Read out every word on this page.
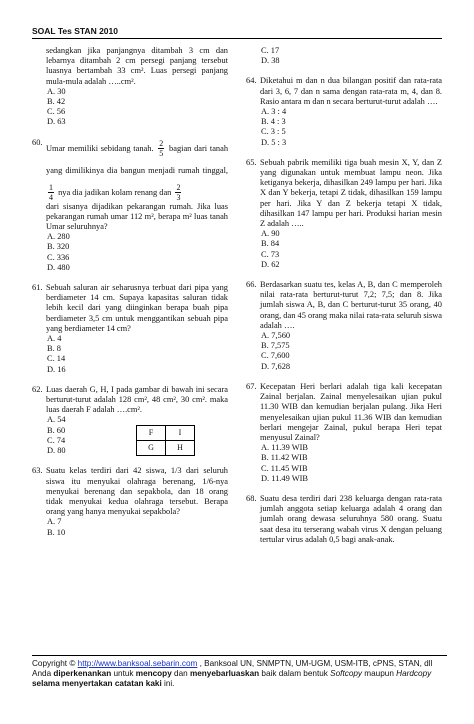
SOAL Tes STAN 2010
sedangkan jika panjangnya ditambah 3 cm dan lebarnya ditambah 2 cm persegi panjang tersebut luasnya bertambah 33 cm². Luas persegi panjang mula-mula adalah …..cm².
A. 30
B. 42
C. 56
D. 63
60.
Umar memiliki sebidang tanah. $\frac{2}{5}$ bagian dari tanah yang dimilikinya dia bangun menjadi rumah tinggal,
$\frac{1}{4}$ nya dia jadikan kolam renang dan $\frac{2}{3}$
dari sisanya dijadikan pekarangan rumah. Jika luas pekarangan rumah umar 112 m², berapa m² luas tanah Umar seluruhnya?
A. 280
B. 320
C. 336
D. 480
61. Sebuah saluran air seharusnya terbuat dari pipa yang berdiameter 14 cm. Supaya kapasitas saluran tidak lebih kecil dari yang diinginkan berapa buah pipa berdiameter 3,5 cm untuk menggantikan sebuah pipa yang berdiameter 14 cm?
A. 4
B. 8
C. 14
D. 16
62. Luas daerah G, H, I pada gambar di bawah ini secara berturut-turut adalah 128 cm², 48 cm², 30 cm². maka luas daerah F adalah ….cm².
A. 54
B. 60
C. 74
D. 80
F	I
G	H
63. Suatu kelas terdiri dari 42 siswa, 1/3 dari seluruh siswa itu menyukai olahraga berenang, 1/6-nya menyukai berenang dan sepakbola, dan 18 orang tidak menyukai kedua olahraga tersebut. Berapa orang yang hanya menyukai sepakbola?
A. 7
B. 10
C. 17
D. 38
64. Diketahui m dan n dua bilangan positif dan rata-rata dari 3, 6, 7 dan n sama dengan rata-rata m, 4, dan 8. Rasio antara m dan n secara berturut-turut adalah ….
A. 3 : 4
B. 4 : 3
C. 3 : 5
D. 5 : 3
65. Sebuah pabrik memiliki tiga buah mesin X, Y, dan Z yang digunakan untuk membuat lampu neon. Jika ketiganya bekerja, dihasilkan 249 lampu per hari. Jika X dan Y bekerja, tetapi Z tidak, dihasilkan 159 lampu per hari. Jika Y dan Z bekerja tetapi X tidak, dihasilkan 147 lampu per hari. Produksi harian mesin Z adalah …..
A. 90
B. 84
C. 73
D. 62
66. Berdasarkan suatu tes, kelas A, B, dan C memperoleh nilai rata-rata berturut-turut 7,2; 7,5; dan 8. Jika jumlah siswa A, B, dan C berturut-turut 35 orang, 40 orang, dan 45 orang maka nilai rata-rata seluruh siswa adalah ….
A. 7,560
B. 7,575
C. 7,600
D. 7,628
67. Kecepatan Heri berlari adalah tiga kali kecepatan Zainal berjalan. Zainal menyelesaikan ujian pukul 11.30 WIB dan kemudian berjalan pulang. Jika Heri menyelesaikan ujian pukul 11.36 WIB dan kemudian berlari mengejar Zainal, pukul berapa Heri tepat menyusul Zainal?
A. 11.39 WIB
B. 11.42 WIB
C. 11.45 WIB
D. 11.49 WIB
68. Suatu desa terdiri dari 238 keluarga dengan rata-rata jumlah anggota setiap keluarga adalah 4 orang dan jumlah orang dewasa seluruhnya 580 orang. Suatu saat desa itu terserang wabah virus X dengan peluang tertular virus adalah 0,5 bagi anak-anak.
Copyright © http://www.banksoal.sebarin.com , Banksoal UN, SNMPTN, UM-UGM, USM-ITB, cPNS, STAN, dll Anda diperkenankan untuk mencopy dan menyebarluaskan baik dalam bentuk Softcopy maupun Hardcopy selama menyertakan catatan kaki ini.
